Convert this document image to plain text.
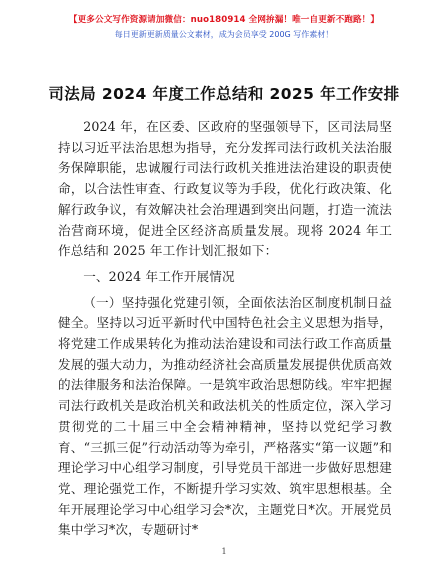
【更多公文写作资源请加微信：nuo180914 全网拚漏！唯一自更新不跑路！】
每日更新更新质量公文素材，成为会员享受 200G 写作素材！
司法局 2024 年度工作总结和 2025 年工作安排

2024 年，在区委、区政府的坚强领导下，区司法局坚持以习近平法治思想为指导，充分发挥司法行政机关法治服务保障职能，忠诚履行司法行政机关推进法治建设的职责使命，以合法性审查、行政复议等为手段，优化行政决策、化解行政争议，有效解决社会治理遇到突出问题，打造一流法治营商环境，促进全区经济高质量发展。现将 2024 年工作总结和 2025 年工作计划汇报如下：

一、2024 年工作开展情况

（一）坚持强化党建引领，全面依法治区制度机制日益健全。坚持以习近平新时代中国特色社会主义思想为指导，将党建工作成果转化为推动法治建设和司法行政工作高质量发展的强大动力，为推动经济社会高质量发展提供优质高效的法律服务和法治保障。一是筑牢政治思想防线。牢牢把握司法行政机关是政治机关和政法机关的性质定位，深入学习贯彻党的二十届三中全会精神精神，坚持以党纪学习教育、“三抓三促”行动活动等为牵引，严格落实“第一议题”和理论学习中心组学习制度，引导党员干部进一步做好思想建党、理论强党工作，不断提升学习实效、筑牢思想根基。全年开展理论学习中心组学习会*次，主题党日*次。开展党员集中学习*次，专题研讨*

1
